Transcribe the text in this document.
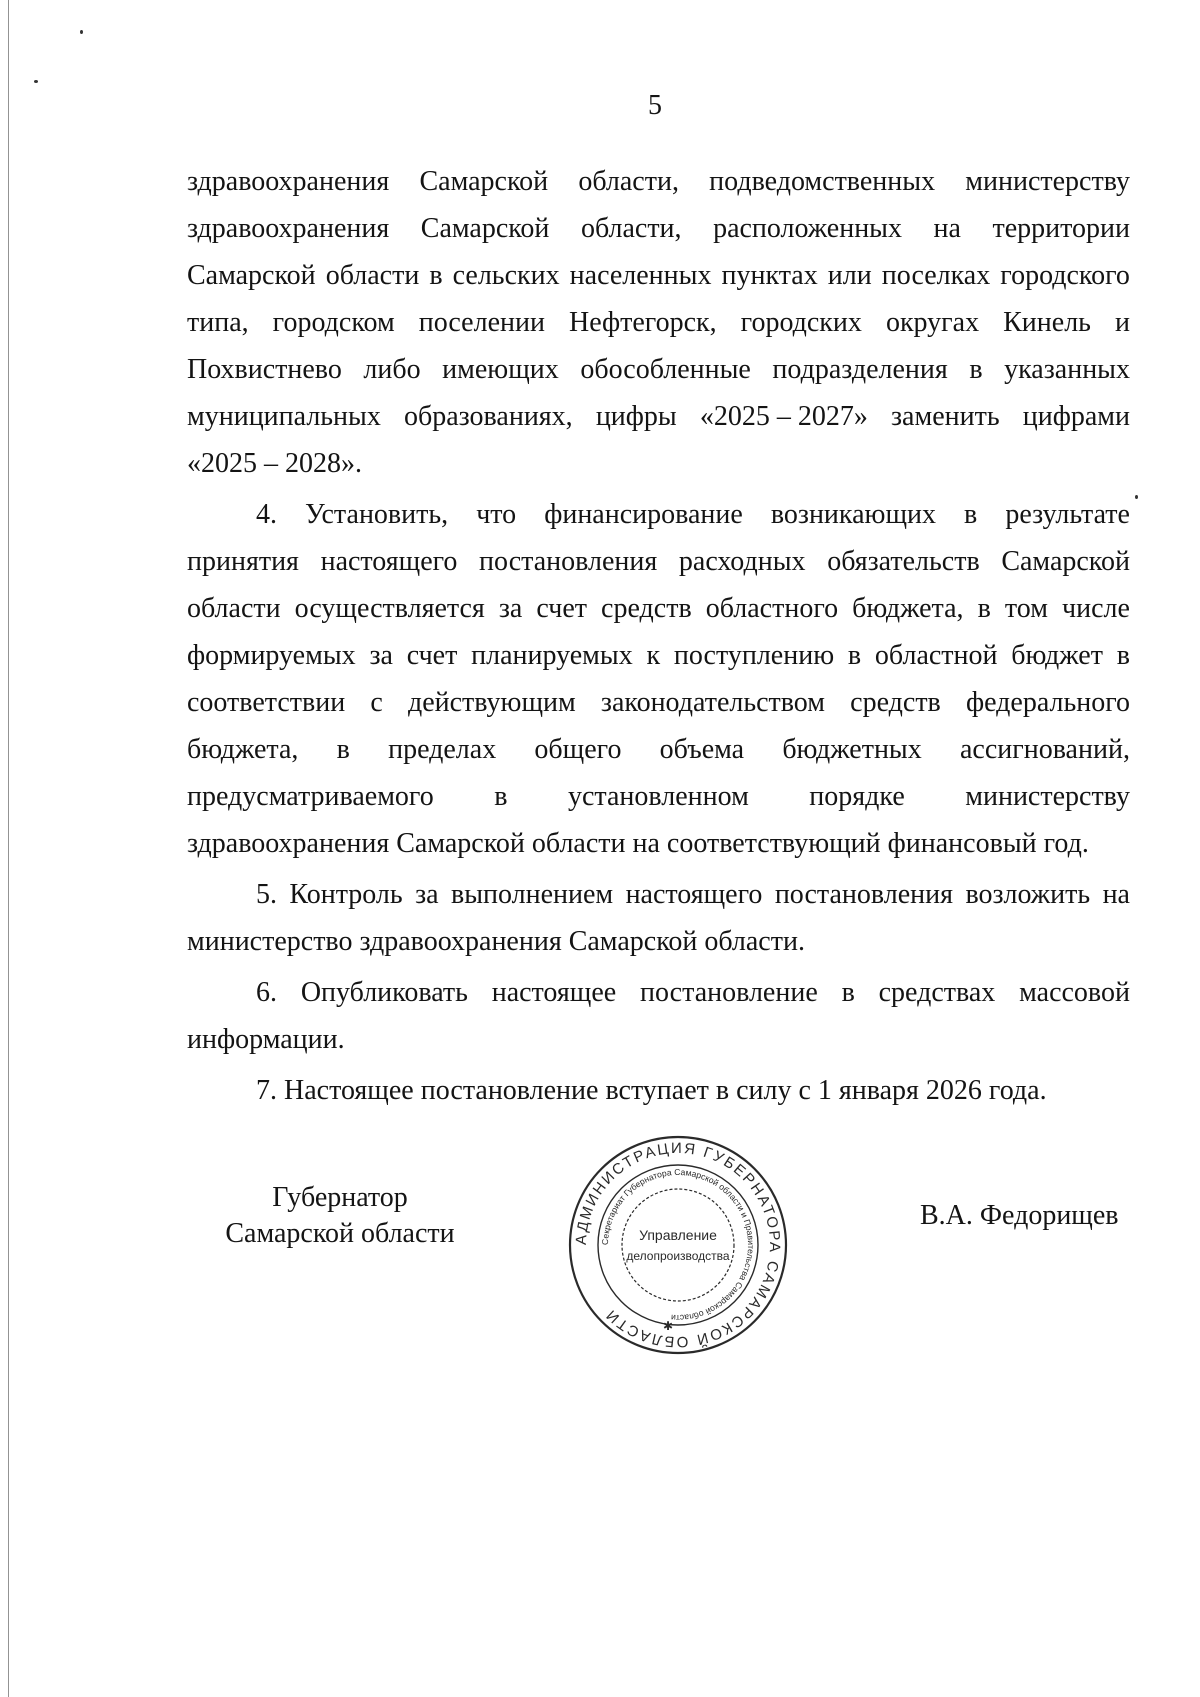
5
здравоохранения Самарской области, подведомственных министерству
здравоохранения Самарской области, расположенных на территории
Самарской области в сельских населенных пунктах или поселках городского
типа, городском поселении Нефтегорск, городских округах Кинель и
Похвистнево либо имеющих обособленные подразделения в указанных
муниципальных образованиях, цифры «2025 – 2027» заменить цифрами
«2025 – 2028».
4. Установить, что финансирование возникающих в результате
принятия настоящего постановления расходных обязательств Самарской
области осуществляется за счет средств областного бюджета, в том числе
формируемых за счет планируемых к поступлению в областной бюджет в
соответствии с действующим законодательством средств федерального
бюджета, в пределах общего объема бюджетных ассигнований,
предусматриваемого в установленном порядке министерству
здравоохранения Самарской области на соответствующий финансовый год.
5. Контроль за выполнением настоящего постановления возложить на
министерство здравоохранения Самарской области.
6. Опубликовать настоящее постановление в средствах массовой
информации.
7. Настоящее постановление вступает в силу с 1 января 2026 года.
Губернатор
Самарской области	АДМИНИСТРАЦИЯ ГУБЕРНАТОРА САМАРСКОЙ ОБЛАСТИ
Секретариат Губернатора Самарской области и Правительства Самарской области
Управление
делопроизводства
✱
В.А. Федорищев
